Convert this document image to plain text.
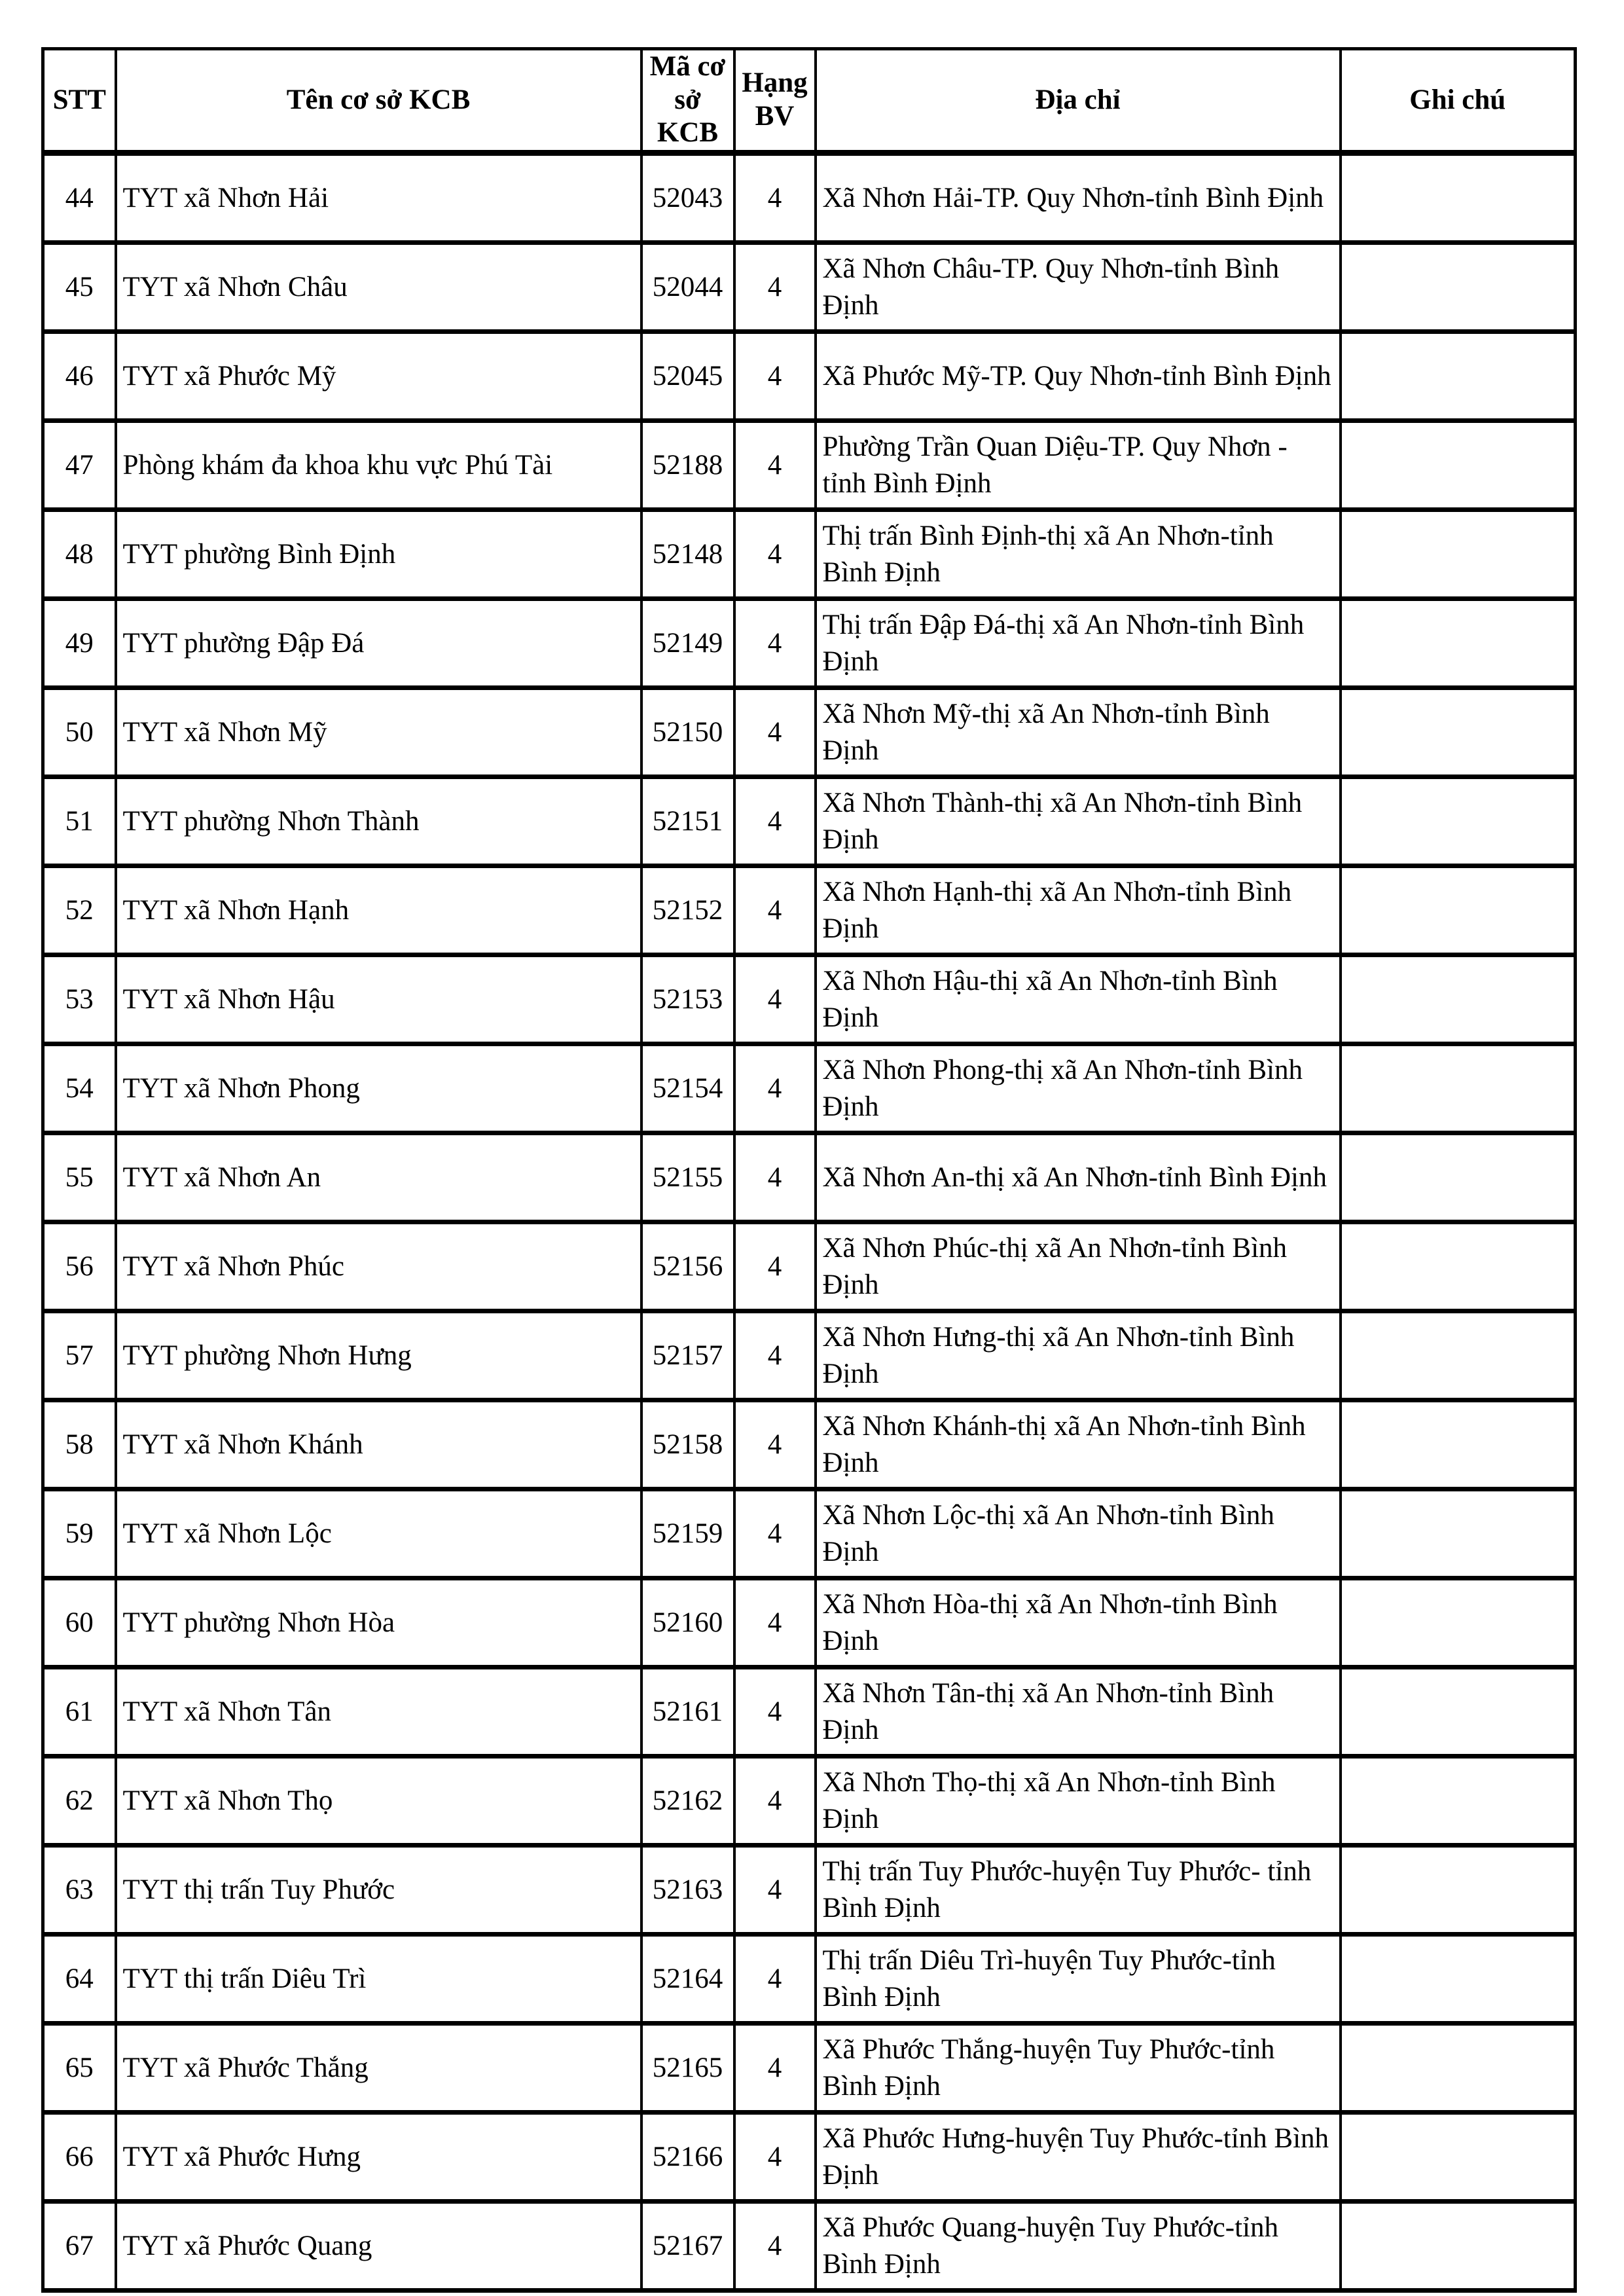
STT	Tên cơ sở KCB	Mã cơ sở KCB	Hạng BV	Địa chỉ	Ghi chú
44	TYT xã Nhơn Hải	52043	4	Xã Nhơn Hải-TP. Quy Nhơn-tỉnh Bình Định	
45	TYT xã Nhơn Châu	52044	4	Xã Nhơn Châu-TP. Quy Nhơn-tỉnh Bình Định	
46	TYT xã Phước Mỹ	52045	4	Xã Phước Mỹ-TP. Quy Nhơn-tỉnh Bình Định	
47	Phòng khám đa khoa khu vực Phú Tài	52188	4	Phường Trần Quan Diệu-TP. Quy Nhơn - tỉnh Bình Định	
48	TYT phường Bình Định	52148	4	Thị trấn Bình Định-thị xã An Nhơn-tỉnh Bình Định	
49	TYT phường Đập Đá	52149	4	Thị trấn Đập Đá-thị xã An Nhơn-tỉnh Bình Định	
50	TYT xã Nhơn Mỹ	52150	4	Xã Nhơn Mỹ-thị xã An Nhơn-tỉnh Bình Định	
51	TYT phường Nhơn Thành	52151	4	Xã Nhơn Thành-thị xã An Nhơn-tỉnh Bình Định	
52	TYT xã Nhơn Hạnh	52152	4	Xã Nhơn Hạnh-thị xã An Nhơn-tỉnh Bình Định	
53	TYT xã Nhơn Hậu	52153	4	Xã Nhơn Hậu-thị xã An Nhơn-tỉnh Bình Định	
54	TYT xã Nhơn Phong	52154	4	Xã Nhơn Phong-thị xã An Nhơn-tỉnh Bình Định	
55	TYT xã Nhơn An	52155	4	Xã Nhơn An-thị xã An Nhơn-tỉnh Bình Định	
56	TYT xã Nhơn Phúc	52156	4	Xã Nhơn Phúc-thị xã An Nhơn-tỉnh Bình Định	
57	TYT phường Nhơn Hưng	52157	4	Xã Nhơn Hưng-thị xã An Nhơn-tỉnh Bình Định	
58	TYT xã Nhơn Khánh	52158	4	Xã Nhơn Khánh-thị xã An Nhơn-tỉnh Bình Định	
59	TYT xã Nhơn Lộc	52159	4	Xã Nhơn Lộc-thị xã An Nhơn-tỉnh Bình Định	
60	TYT phường Nhơn Hòa	52160	4	Xã Nhơn Hòa-thị xã An Nhơn-tỉnh Bình Định	
61	TYT xã Nhơn Tân	52161	4	Xã Nhơn Tân-thị xã An Nhơn-tỉnh Bình Định	
62	TYT xã Nhơn Thọ	52162	4	Xã Nhơn Thọ-thị xã An Nhơn-tỉnh Bình Định	
63	TYT thị trấn Tuy Phước	52163	4	Thị trấn Tuy Phước-huyện Tuy Phước- tỉnh Bình Định	
64	TYT thị trấn Diêu Trì	52164	4	Thị trấn Diêu Trì-huyện Tuy Phước-tỉnh Bình Định	
65	TYT xã Phước Thắng	52165	4	Xã Phước Thắng-huyện Tuy Phước-tỉnh Bình Định	
66	TYT xã Phước Hưng	52166	4	Xã Phước Hưng-huyện Tuy Phước-tỉnh Bình Định	
67	TYT xã Phước Quang	52167	4	Xã Phước Quang-huyện Tuy Phước-tỉnh Bình Định	
